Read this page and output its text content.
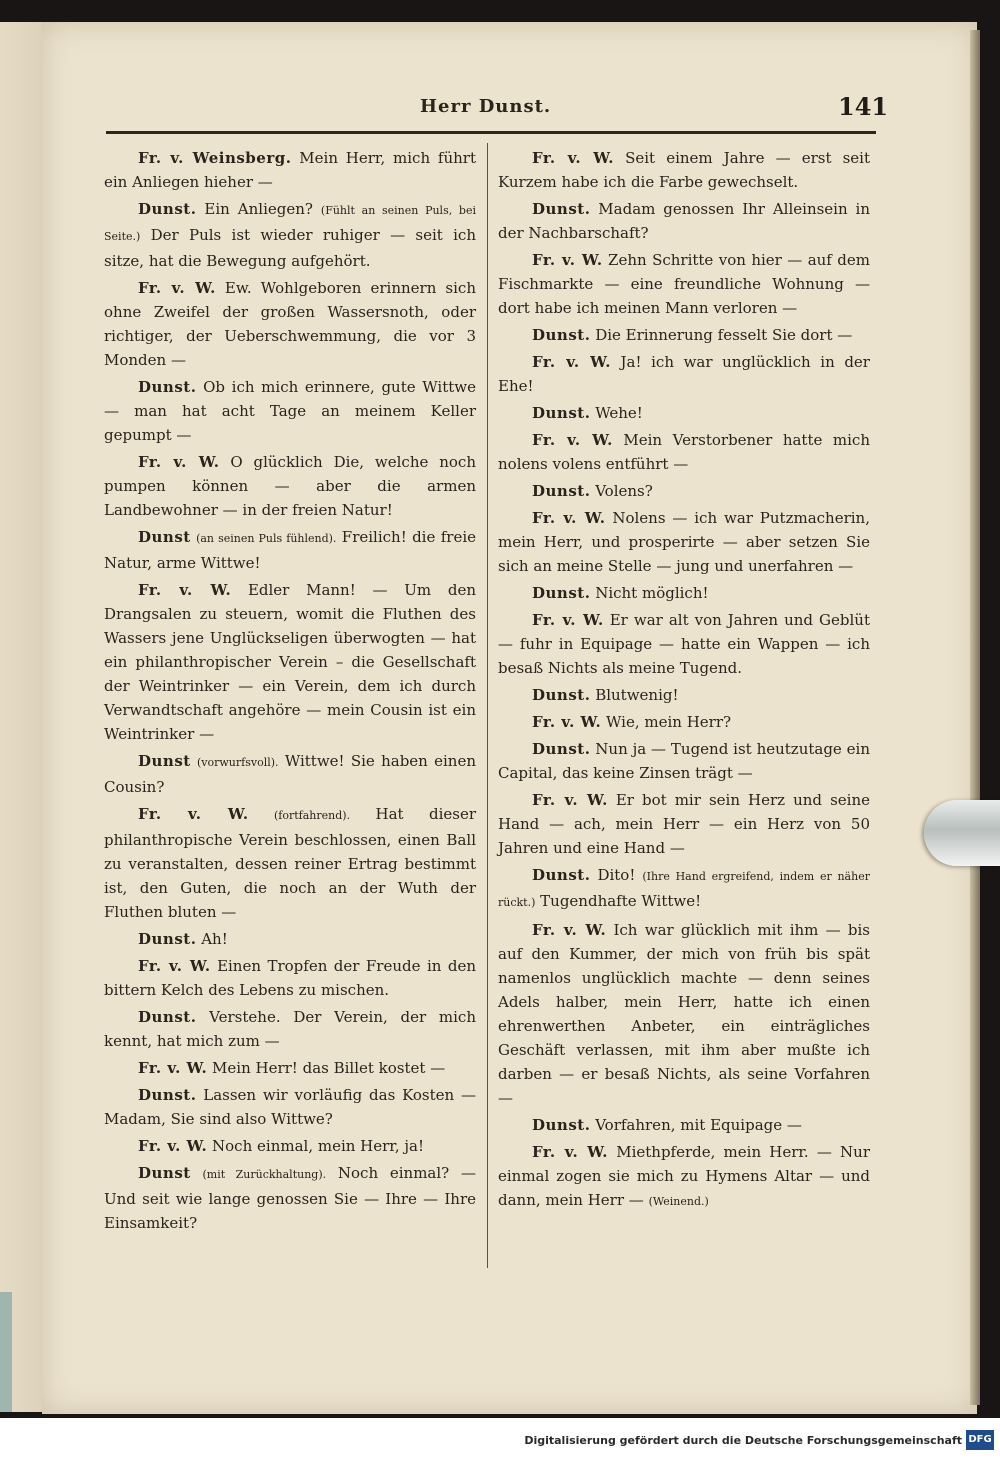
Herr Dunst.	141

Fr. v. Weinsberg. Mein Herr, mich führt ein Anliegen hieher —

Dunst. Ein Anliegen? (Fühlt an seinen Puls, bei Seite.) Der Puls ist wieder ruhiger — seit ich sitze, hat die Bewegung aufgehört.

Fr. v. W. Ew. Wohlgeboren erinnern sich ohne Zweifel der großen Wassersnoth, oder richtiger, der Ueberschwemmung, die vor 3 Monden —

Dunst. Ob ich mich erinnere, gute Wittwe — man hat acht Tage an meinem Keller gepumpt —

Fr. v. W. O glücklich Die, welche noch pumpen können — aber die armen Landbewohner — in der freien Natur!

Dunst (an seinen Puls fühlend). Freilich! die freie Natur, arme Wittwe!

Fr. v. W. Edler Mann! — Um den Drangsalen zu steuern, womit die Fluthen des Wassers jene Unglückseligen überwogten — hat ein philanthropischer Verein – die Gesellschaft der Weintrinker — ein Verein, dem ich durch Verwandtschaft angehöre — mein Cousin ist ein Weintrinker —

Dunst (vorwurfsvoll). Wittwe! Sie haben einen Cousin?

Fr. v. W. (fortfahrend). Hat dieser philanthropische Verein beschlossen, einen Ball zu veranstalten, dessen reiner Ertrag bestimmt ist, den Guten, die noch an der Wuth der Fluthen bluten —

Dunst. Ah!

Fr. v. W. Einen Tropfen der Freude in den bittern Kelch des Lebens zu mischen.

Dunst. Verstehe. Der Verein, der mich kennt, hat mich zum —

Fr. v. W. Mein Herr! das Billet kostet —

Dunst. Lassen wir vorläufig das Kosten — Madam, Sie sind also Wittwe?

Fr. v. W. Noch einmal, mein Herr, ja!

Dunst (mit Zurückhaltung). Noch einmal? — Und seit wie lange genossen Sie — Ihre — Ihre Einsamkeit?

Fr. v. W. Seit einem Jahre — erst seit Kurzem habe ich die Farbe gewechselt.

Dunst. Madam genossen Ihr Alleinsein in der Nachbarschaft?

Fr. v. W. Zehn Schritte von hier — auf dem Fischmarkte — eine freundliche Wohnung — dort habe ich meinen Mann verloren —

Dunst. Die Erinnerung fesselt Sie dort —

Fr. v. W. Ja! ich war unglücklich in der Ehe!

Dunst. Wehe!

Fr. v. W. Mein Verstorbener hatte mich nolens volens entführt —

Dunst. Volens?

Fr. v. W. Nolens — ich war Putzmacherin, mein Herr, und prosperirte — aber setzen Sie sich an meine Stelle — jung und unerfahren —

Dunst. Nicht möglich!

Fr. v. W. Er war alt von Jahren und Geblüt — fuhr in Equipage — hatte ein Wappen — ich besaß Nichts als meine Tugend.

Dunst. Blutwenig!

Fr. v. W. Wie, mein Herr?

Dunst. Nun ja — Tugend ist heutzutage ein Capital, das keine Zinsen trägt —

Fr. v. W. Er bot mir sein Herz und seine Hand — ach, mein Herr — ein Herz von 50 Jahren und eine Hand —

Dunst. Dito! (Ihre Hand ergreifend, indem er näher rückt.) Tugendhafte Wittwe!

Fr. v. W. Ich war glücklich mit ihm — bis auf den Kummer, der mich von früh bis spät namenlos unglücklich machte — denn seines Adels halber, mein Herr, hatte ich einen ehrenwerthen Anbeter, ein einträgliches Geschäft verlassen, mit ihm aber mußte ich darben — er besaß Nichts, als seine Vorfahren —

Dunst. Vorfahren, mit Equipage —

Fr. v. W. Miethpferde, mein Herr. — Nur einmal zogen sie mich zu Hymens Altar — und dann, mein Herr — (Weinend.)

Digitalisierung gefördert durch die Deutsche Forschungsgemeinschaft DFG
